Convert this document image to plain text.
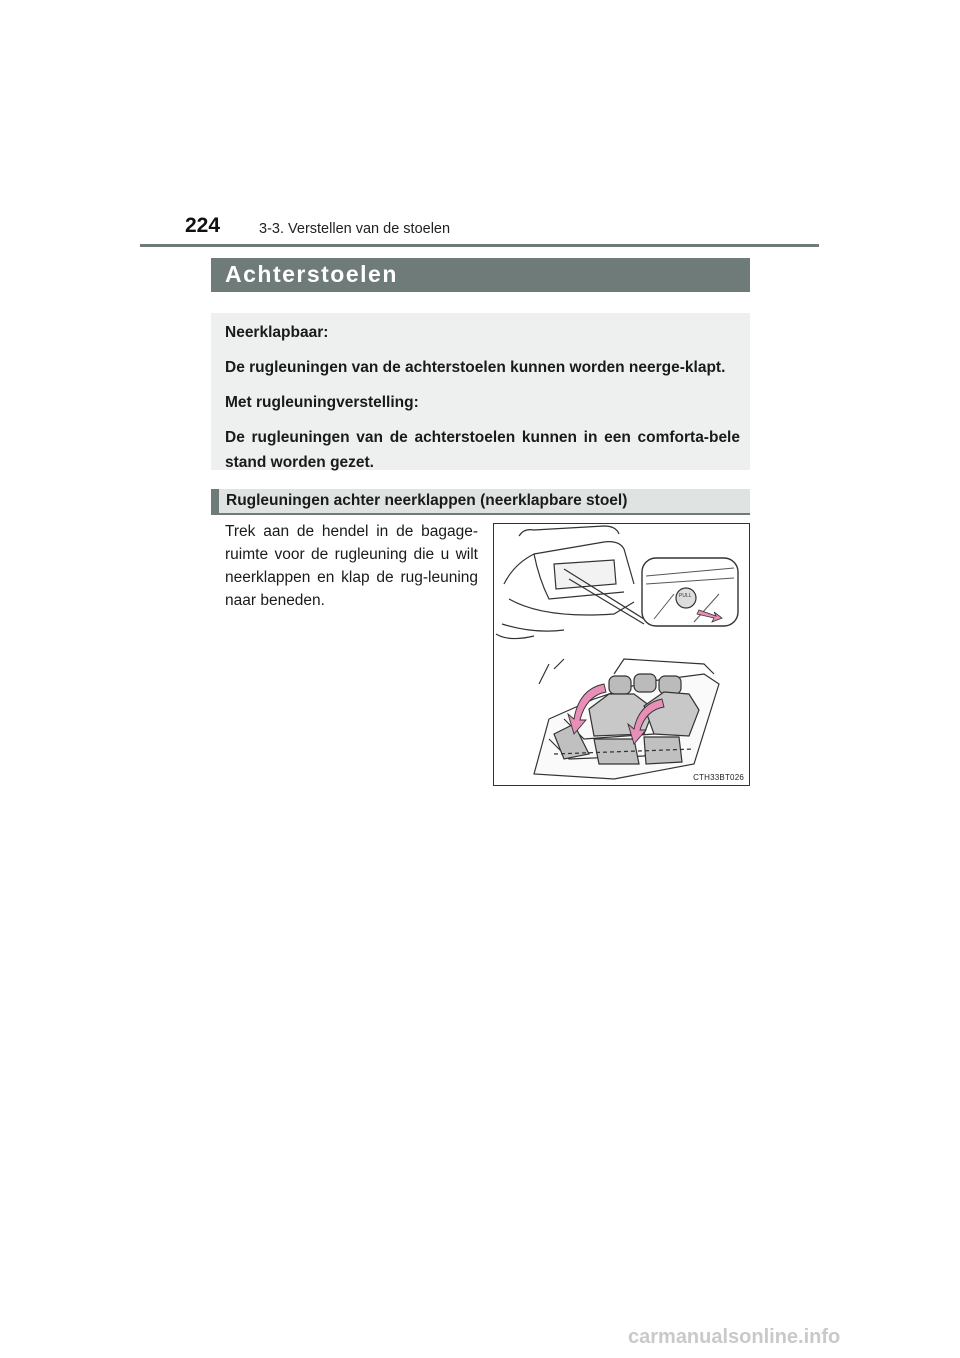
224	3-3. Verstellen van de stoelen
Achterstoelen

Neerklapbaar:

De rugleuningen van de achterstoelen kunnen worden neerge-klapt.

Met rugleuningverstelling:

De rugleuningen van de achterstoelen kunnen in een comforta-bele stand worden gezet.

Rugleuningen achter neerklappen (neerklapbare stoel)
Trek aan de hendel in de bagage-ruimte voor de rugleuning die u wilt neerklappen en klap de rug-leuning naar beneden.	PULL
CTH33BT026
carmanualsonline.info
